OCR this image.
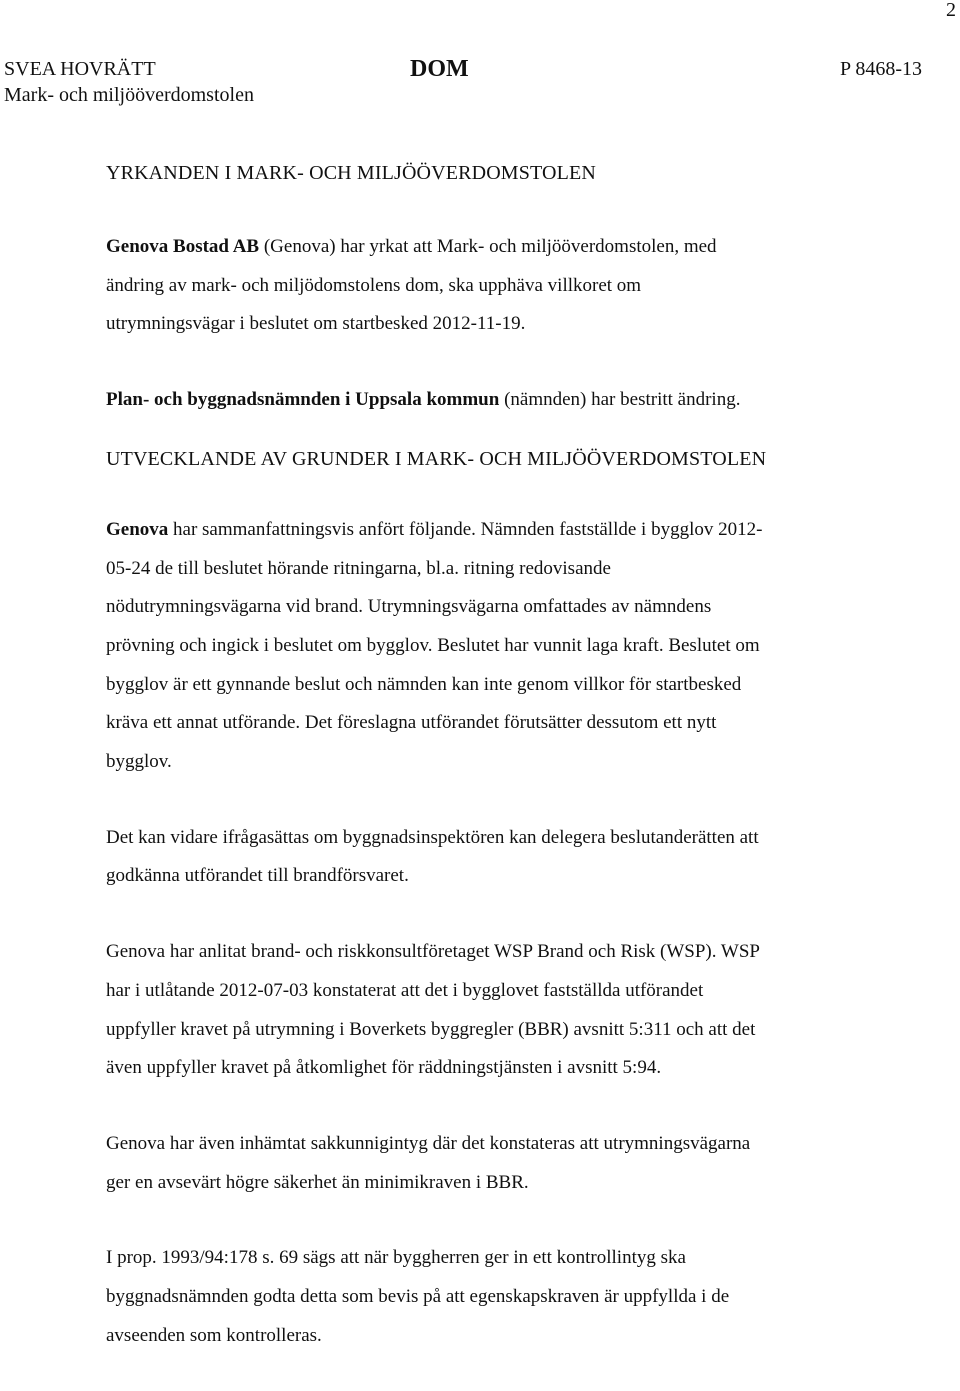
2
SVEA HOVRÄTT
Mark- och miljööverdomstolen
DOM	P 8468-13
YRKANDEN I MARK- OCH MILJÖÖVERDOMSTOLEN

Genova Bostad AB (Genova) har yrkat att Mark- och miljööverdomstolen, med
ändring av mark- och miljödomstolens dom, ska upphäva villkoret om
utrymningsvägar i beslutet om startbesked 2012-11-19.

Plan- och byggnadsnämnden i Uppsala kommun (nämnden) har bestritt ändring.

UTVECKLANDE AV GRUNDER I MARK- OCH MILJÖÖVERDOMSTOLEN

Genova har sammanfattningsvis anfört följande. Nämnden fastställde i bygglov 2012-
05-24 de till beslutet hörande ritningarna, bl.a. ritning redovisande
nödutrymningsvägarna vid brand. Utrymningsvägarna omfattades av nämndens
prövning och ingick i beslutet om bygglov. Beslutet har vunnit laga kraft. Beslutet om
bygglov är ett gynnande beslut och nämnden kan inte genom villkor för startbesked
kräva ett annat utförande. Det föreslagna utförandet förutsätter dessutom ett nytt
bygglov.

Det kan vidare ifrågasättas om byggnadsinspektören kan delegera beslutanderätten att
godkänna utförandet till brandförsvaret.

Genova har anlitat brand- och riskkonsultföretaget WSP Brand och Risk (WSP). WSP
har i utlåtande 2012-07-03 konstaterat att det i bygglovet fastställda utförandet
uppfyller kravet på utrymning i Boverkets byggregler (BBR) avsnitt 5:311 och att det
även uppfyller kravet på åtkomlighet för räddningstjänsten i avsnitt 5:94.

Genova har även inhämtat sakkunnigintyg där det konstateras att utrymningsvägarna
ger en avsevärt högre säkerhet än minimikraven i BBR.

I prop. 1993/94:178 s. 69 sägs att när byggherren ger in ett kontrollintyg ska
byggnadsnämnden godta detta som bevis på att egenskapskraven är uppfyllda i de
avseenden som kontrolleras.
